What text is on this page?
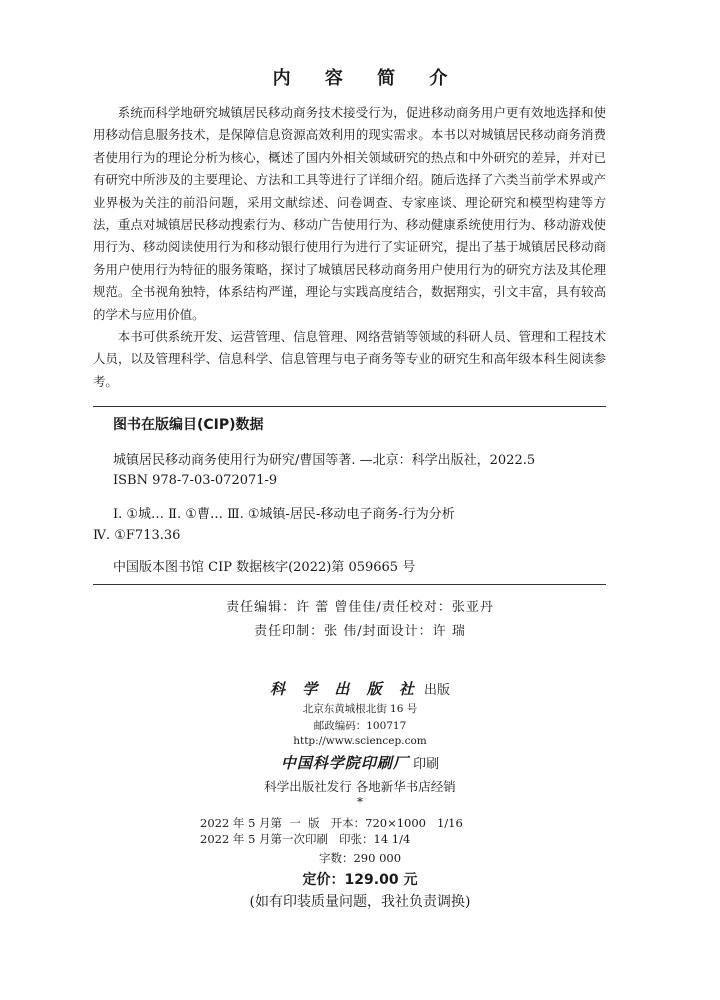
内 容 简 介

系统而科学地研究城镇居民移动商务技术接受行为，促进移动商务用户更有效地选择和使用移动信息服务技术，是保障信息资源高效利用的现实需求。本书以对城镇居民移动商务消费者使用行为的理论分析为核心，概述了国内外相关领域研究的热点和中外研究的差异，并对已有研究中所涉及的主要理论、方法和工具等进行了详细介绍。随后选择了六类当前学术界或产业界极为关注的前沿问题，采用文献综述、问卷调查、专家座谈、理论研究和模型构建等方法，重点对城镇居民移动搜索行为、移动广告使用行为、移动健康系统使用行为、移动游戏使用行为、移动阅读使用行为和移动银行使用行为进行了实证研究，提出了基于城镇居民移动商务用户使用行为特征的服务策略，探讨了城镇居民移动商务用户使用行为的研究方法及其伦理规范。全书视角独特，体系结构严谨，理论与实践高度结合，数据翔实，引文丰富，具有较高的学术与应用价值。

本书可供系统开发、运营管理、信息管理、网络营销等领域的科研人员、管理和工程技术人员，以及管理科学、信息科学、信息管理与电子商务等专业的研究生和高年级本科生阅读参考。

图书在版编目(CIP)数据
城镇居民移动商务使用行为研究/曹国等著. —北京：科学出版社，2022.5
ISBN 978-7-03-072071-9
Ⅰ. ①城… Ⅱ. ①曹… Ⅲ. ①城镇-居民-移动电子商务-行为分析
Ⅳ. ①F713.36
中国版本图书馆 CIP 数据核字(2022)第 059665 号
责任编辑：许 蕾 曾佳佳/责任校对：张亚丹
责任印制：张 伟/封面设计：许 瑞
科 学 出 版 社 出版
北京东黄城根北街 16 号
邮政编码：100717
http://www.sciencep.com
中国科学院印刷厂 印刷
科学出版社发行 各地新华书店经销
*
2022 年 5 月第  一  版   开本：720×1000   1/16
2022 年 5 月第一次印刷   印张：14 1/4
字数：290 000
定价：129.00 元
(如有印装质量问题，我社负责调换)
